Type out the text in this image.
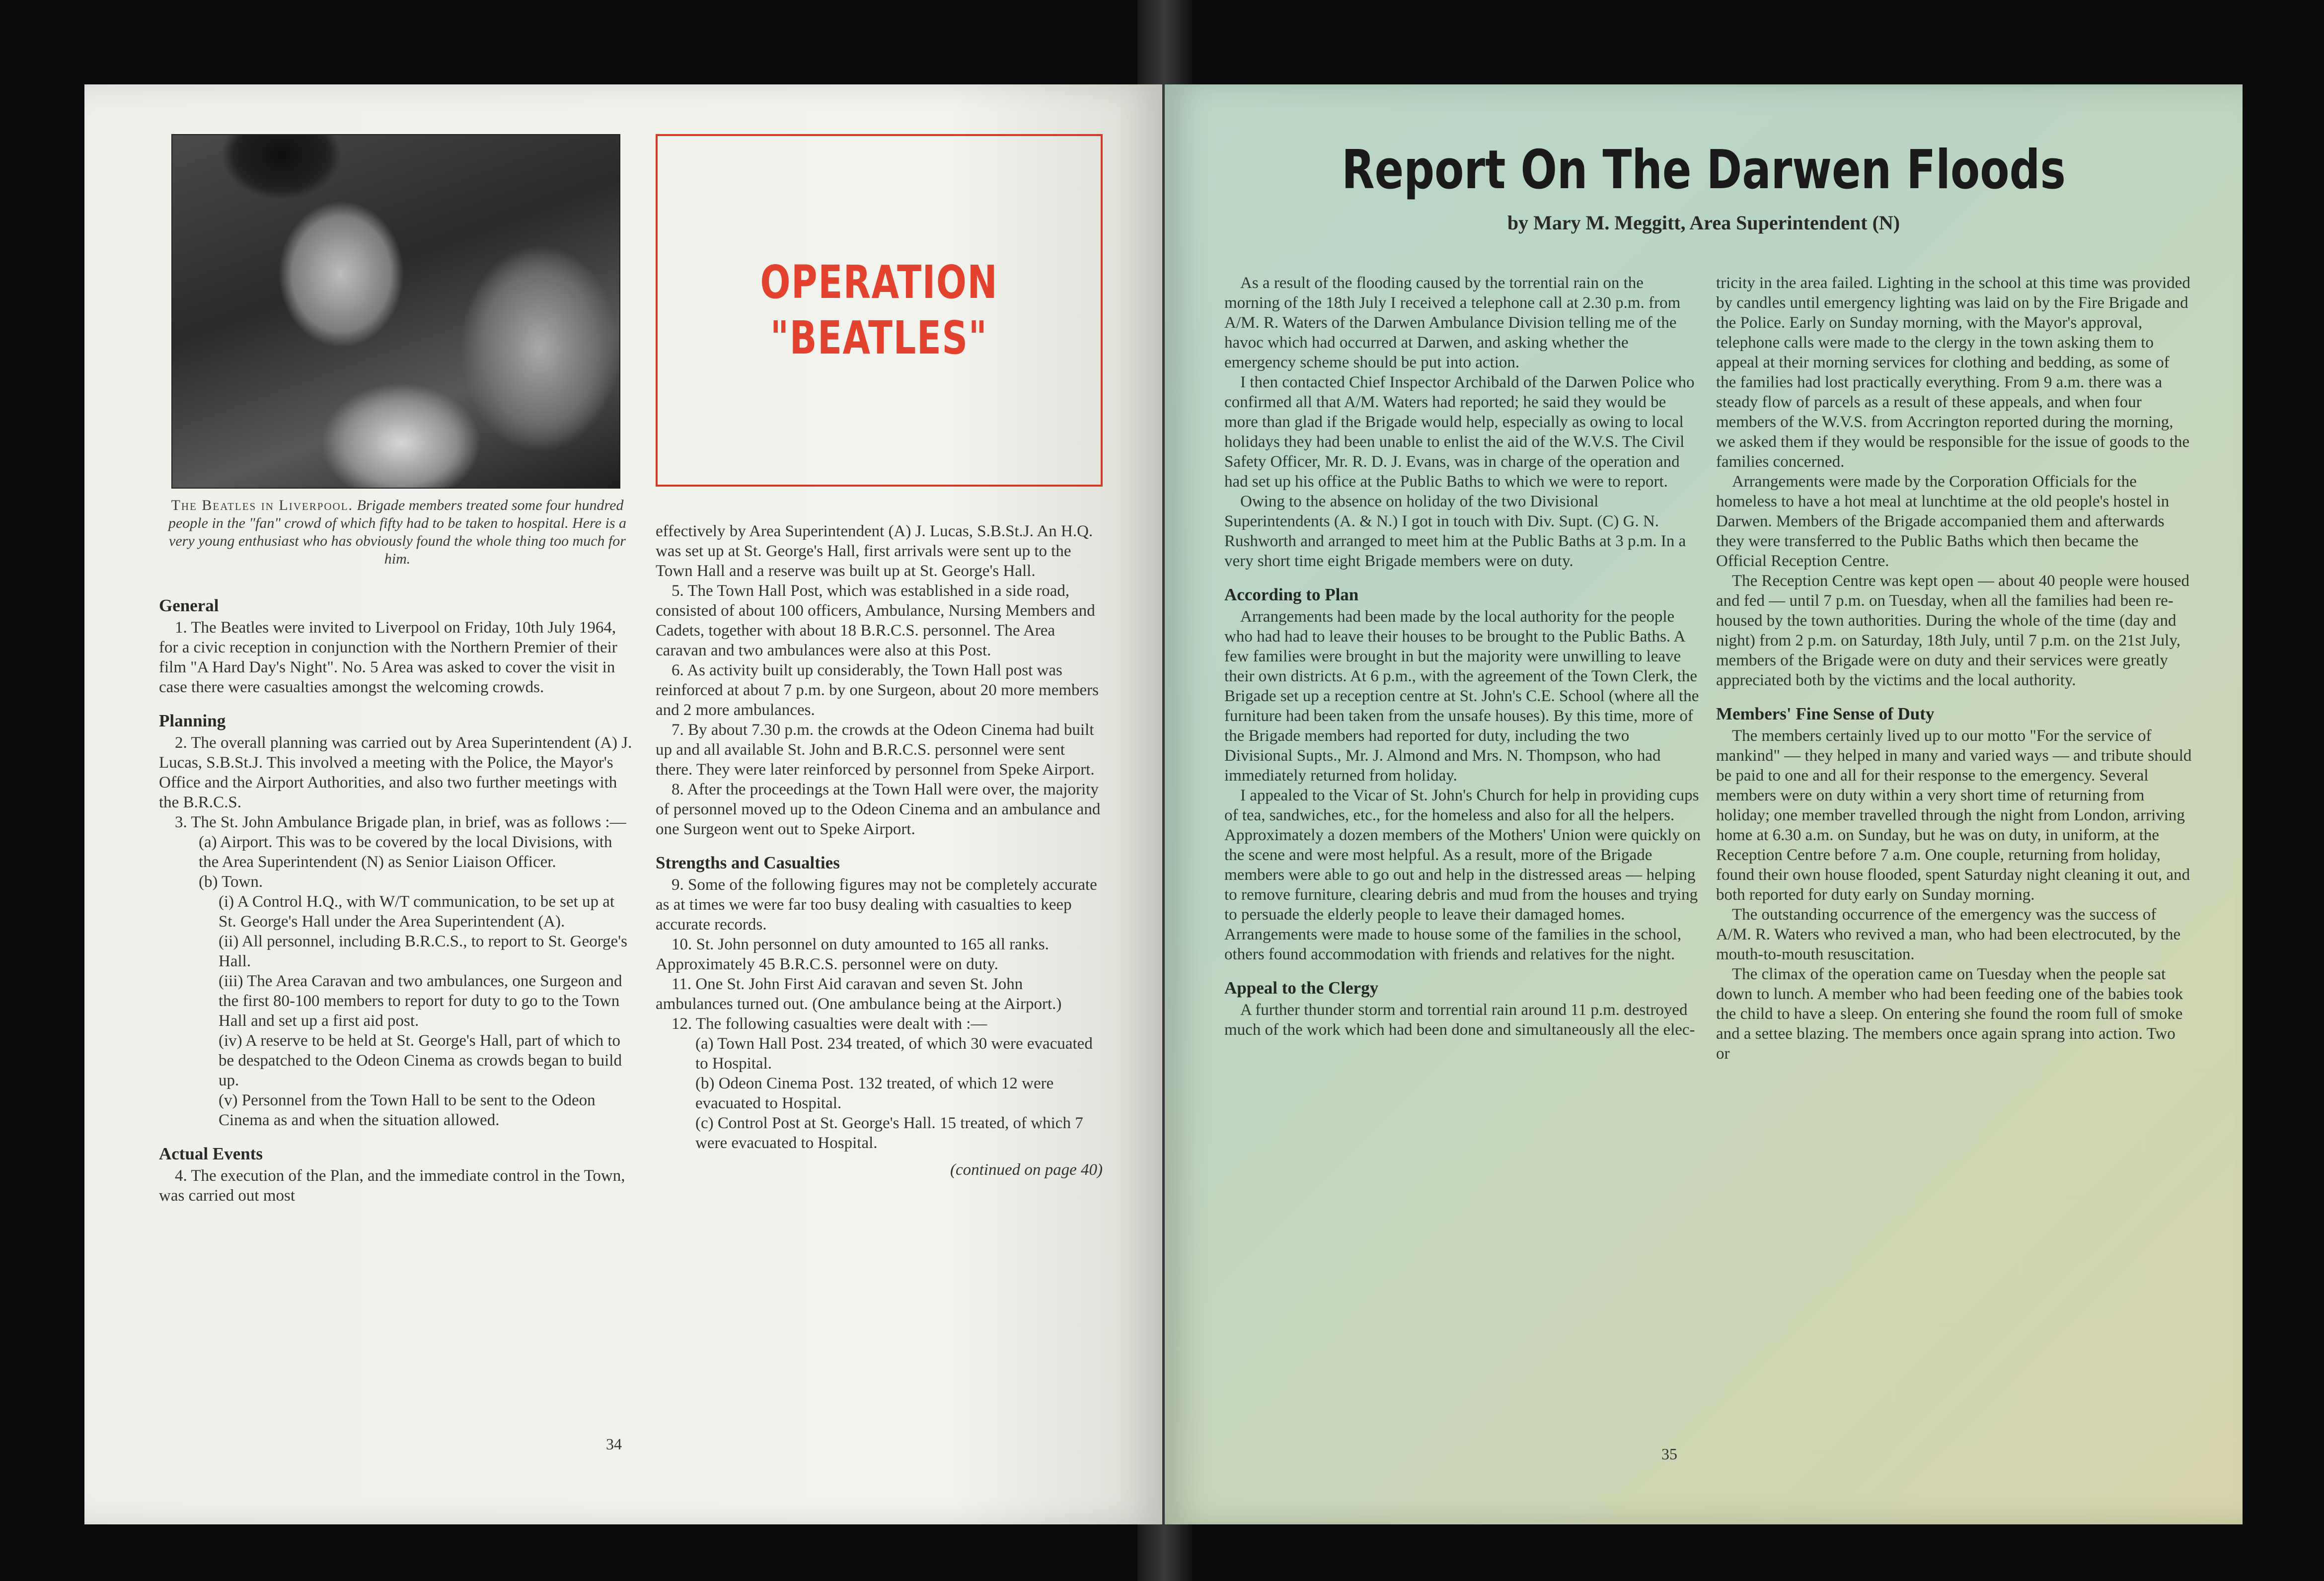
The Beatles in Liverpool. Brigade members treated some four hundred people in the "fan" crowd of which fifty had to be taken to hospital. Here is a very young enthusiast who has obviously found the whole thing too much for him.
OPERATION
"BEATLES"
General

1. The Beatles were invited to Liverpool on Friday, 10th July 1964, for a civic reception in conjunction with the Northern Premier of their film "A Hard Day's Night". No. 5 Area was asked to cover the visit in case there were casualties amongst the welcoming crowds.

Planning

2. The overall planning was carried out by Area Superintendent (A) J. Lucas, S.B.St.J. This involved a meeting with the Police, the Mayor's Office and the Airport Authorities, and also two further meetings with the B.R.C.S.

3. The St. John Ambulance Brigade plan, in brief, was as follows :—

(a) Airport. This was to be covered by the local Divisions, with the Area Superintendent (N) as Senior Liaison Officer.

(b) Town.

(i) A Control H.Q., with W/T communication, to be set up at St. George's Hall under the Area Superintendent (A).

(ii) All personnel, including B.R.C.S., to report to St. George's Hall.

(iii) The Area Caravan and two ambulances, one Surgeon and the first 80-100 members to report for duty to go to the Town Hall and set up a first aid post.

(iv) A reserve to be held at St. George's Hall, part of which to be despatched to the Odeon Cinema as crowds began to build up.

(v) Personnel from the Town Hall to be sent to the Odeon Cinema as and when the situation allowed.

Actual Events

4. The execution of the Plan, and the immediate control in the Town, was carried out most

effectively by Area Superintendent (A) J. Lucas, S.B.St.J. An H.Q. was set up at St. George's Hall, first arrivals were sent up to the Town Hall and a reserve was built up at St. George's Hall.

5. The Town Hall Post, which was established in a side road, consisted of about 100 officers, Ambulance, Nursing Members and Cadets, together with about 18 B.R.C.S. personnel. The Area caravan and two ambulances were also at this Post.

6. As activity built up considerably, the Town Hall post was reinforced at about 7 p.m. by one Surgeon, about 20 more members and 2 more ambulances.

7. By about 7.30 p.m. the crowds at the Odeon Cinema had built up and all available St. John and B.R.C.S. personnel were sent there. They were later reinforced by personnel from Speke Airport.

8. After the proceedings at the Town Hall were over, the majority of personnel moved up to the Odeon Cinema and an ambulance and one Surgeon went out to Speke Airport.

Strengths and Casualties

9. Some of the following figures may not be completely accurate as at times we were far too busy dealing with casualties to keep accurate records.

10. St. John personnel on duty amounted to 165 all ranks. Approximately 45 B.R.C.S. personnel were on duty.

11. One St. John First Aid caravan and seven St. John ambulances turned out. (One ambulance being at the Airport.)

12. The following casualties were dealt with :—

(a) Town Hall Post. 234 treated, of which 30 were evacuated to Hospital.

(b) Odeon Cinema Post. 132 treated, of which 12 were evacuated to Hospital.

(c) Control Post at St. George's Hall. 15 treated, of which 7 were evacuated to Hospital.

(continued on page 40)

34
Report On The Darwen Floods
by Mary M. Meggitt, Area Superintendent (N)

As a result of the flooding caused by the torrential rain on the morning of the 18th July I received a telephone call at 2.30 p.m. from A/M. R. Waters of the Darwen Ambulance Division telling me of the havoc which had occurred at Darwen, and asking whether the emergency scheme should be put into action.

I then contacted Chief Inspector Archibald of the Darwen Police who confirmed all that A/M. Waters had reported; he said they would be more than glad if the Brigade would help, especially as owing to local holidays they had been unable to enlist the aid of the W.V.S. The Civil Safety Officer, Mr. R. D. J. Evans, was in charge of the operation and had set up his office at the Public Baths to which we were to report.

Owing to the absence on holiday of the two Divisional Superintendents (A. & N.) I got in touch with Div. Supt. (C) G. N. Rushworth and arranged to meet him at the Public Baths at 3 p.m. In a very short time eight Brigade members were on duty.

According to Plan

Arrangements had been made by the local authority for the people who had had to leave their houses to be brought to the Public Baths. A few families were brought in but the majority were unwilling to leave their own districts. At 6 p.m., with the agreement of the Town Clerk, the Brigade set up a reception centre at St. John's C.E. School (where all the furniture had been taken from the unsafe houses). By this time, more of the Brigade members had reported for duty, including the two Divisional Supts., Mr. J. Almond and Mrs. N. Thompson, who had immediately returned from holiday.

I appealed to the Vicar of St. John's Church for help in providing cups of tea, sandwiches, etc., for the homeless and also for all the helpers. Approximately a dozen members of the Mothers' Union were quickly on the scene and were most helpful. As a result, more of the Brigade members were able to go out and help in the distressed areas — helping to remove furniture, clearing debris and mud from the houses and trying to persuade the elderly people to leave their damaged homes. Arrangements were made to house some of the families in the school, others found accommodation with friends and relatives for the night.

Appeal to the Clergy

A further thunder storm and torrential rain around 11 p.m. destroyed much of the work which had been done and simultaneously all the elec-

tricity in the area failed. Lighting in the school at this time was provided by candles until emergency lighting was laid on by the Fire Brigade and the Police. Early on Sunday morning, with the Mayor's approval, telephone calls were made to the clergy in the town asking them to appeal at their morning services for clothing and bedding, as some of the families had lost practically everything. From 9 a.m. there was a steady flow of parcels as a result of these appeals, and when four members of the W.V.S. from Accrington reported during the morning, we asked them if they would be responsible for the issue of goods to the families concerned.

Arrangements were made by the Corporation Officials for the homeless to have a hot meal at lunchtime at the old people's hostel in Darwen. Members of the Brigade accompanied them and afterwards they were transferred to the Public Baths which then became the Official Reception Centre.

The Reception Centre was kept open — about 40 people were housed and fed — until 7 p.m. on Tuesday, when all the families had been re-housed by the town authorities. During the whole of the time (day and night) from 2 p.m. on Saturday, 18th July, until 7 p.m. on the 21st July, members of the Brigade were on duty and their services were greatly appreciated both by the victims and the local authority.

Members' Fine Sense of Duty

The members certainly lived up to our motto "For the service of mankind" — they helped in many and varied ways — and tribute should be paid to one and all for their response to the emergency. Several members were on duty within a very short time of returning from holiday; one member travelled through the night from London, arriving home at 6.30 a.m. on Sunday, but he was on duty, in uniform, at the Reception Centre before 7 a.m. One couple, returning from holiday, found their own house flooded, spent Saturday night cleaning it out, and both reported for duty early on Sunday morning.

The outstanding occurrence of the emergency was the success of A/M. R. Waters who revived a man, who had been electrocuted, by the mouth-to-mouth resuscitation.

The climax of the operation came on Tuesday when the people sat down to lunch. A member who had been feeding one of the babies took the child to have a sleep. On entering she found the room full of smoke and a settee blazing. The members once again sprang into action. Two or

35
